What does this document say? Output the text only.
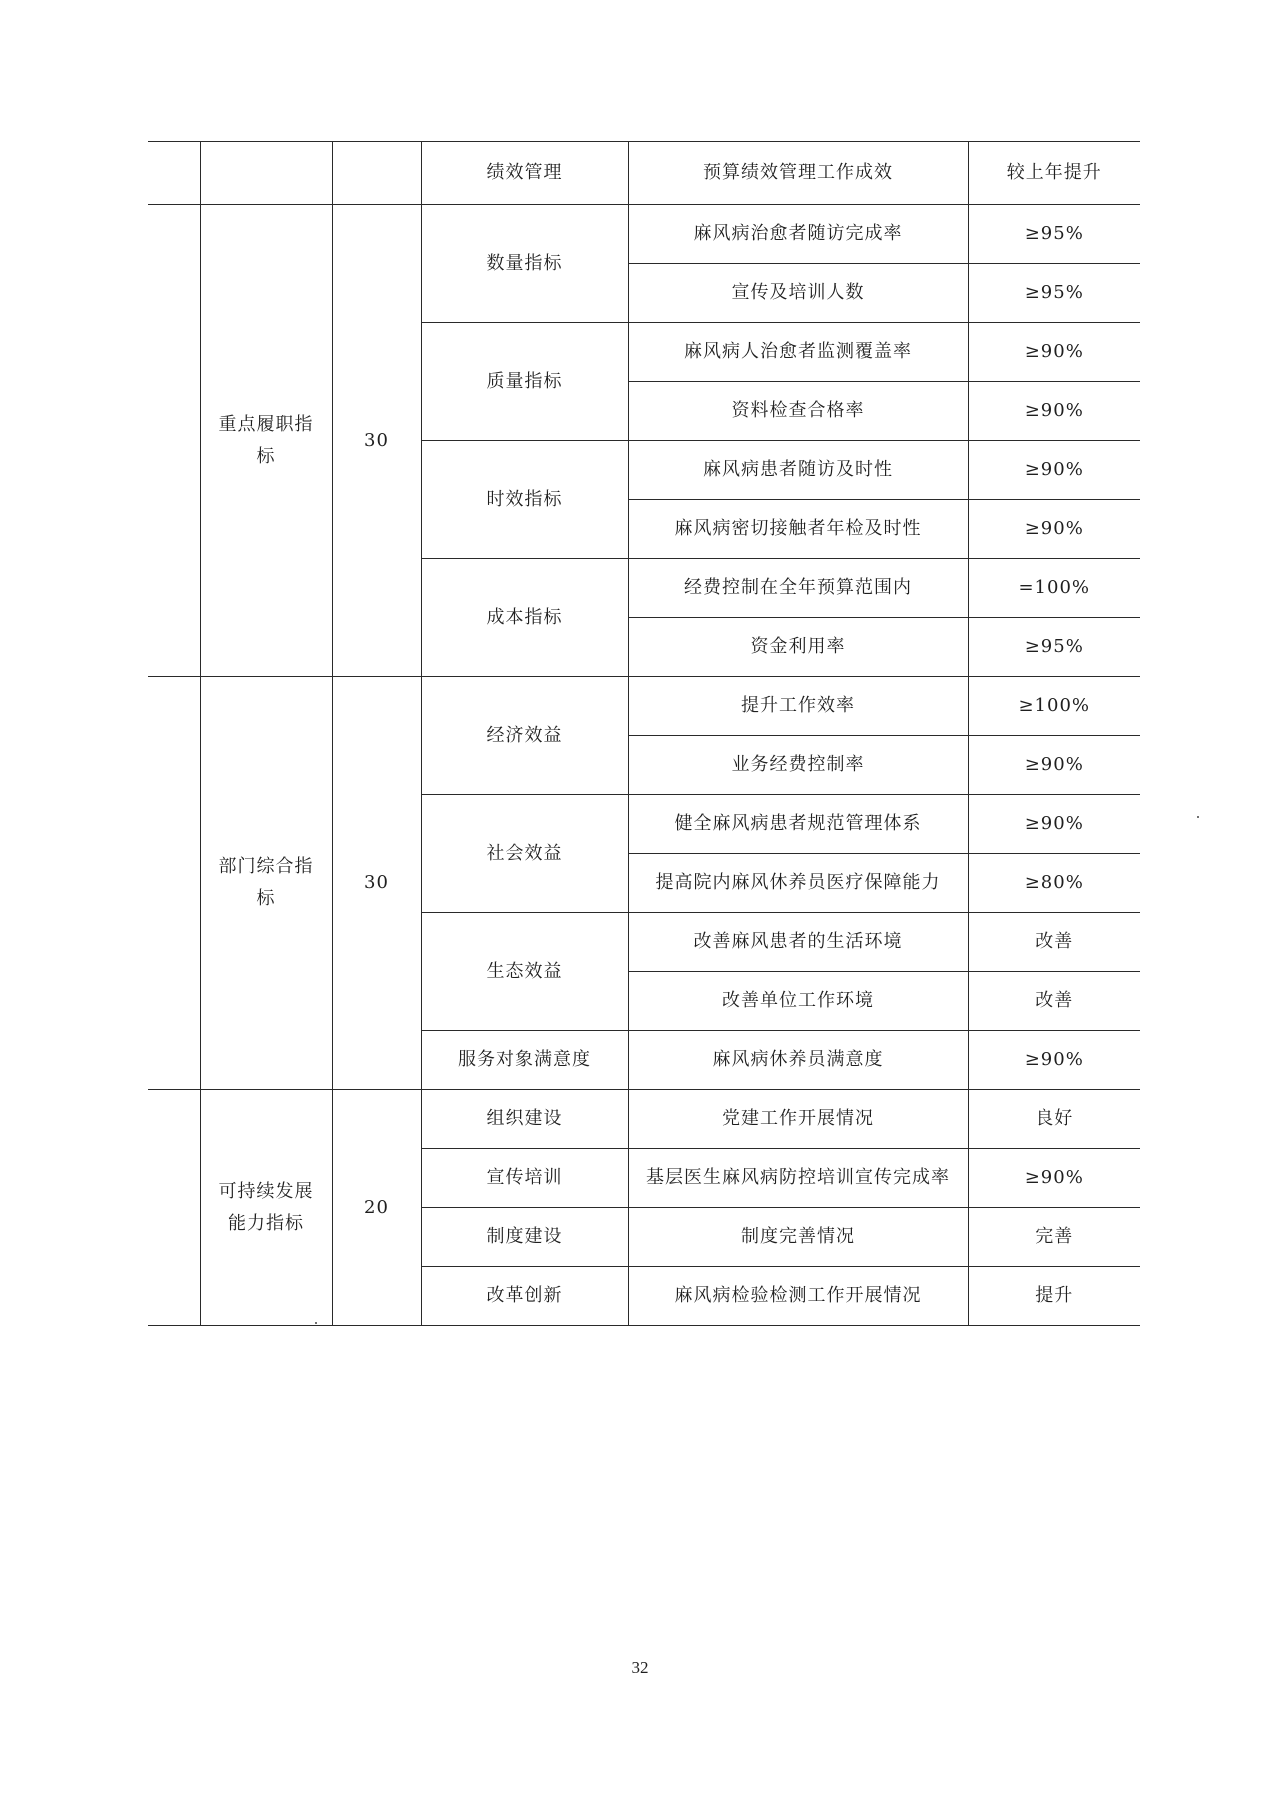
			绩效管理	预算绩效管理工作成效	较上年提升
	重点履职指标	30	数量指标	麻风病治愈者随访完成率	≥95%
				宣传及培训人数	≥95%
			质量指标	麻风病人治愈者监测覆盖率	≥90%
				资料检查合格率	≥90%
			时效指标	麻风病患者随访及时性	≥90%
				麻风病密切接触者年检及时性	≥90%
			成本指标	经费控制在全年预算范围内	=100%
				资金利用率	≥95%
	部门综合指标	30	经济效益	提升工作效率	≥100%
				业务经费控制率	≥90%
			社会效益	健全麻风病患者规范管理体系	≥90%
				提高院内麻风休养员医疗保障能力	≥80%
			生态效益	改善麻风患者的生活环境	改善
				改善单位工作环境	改善
			服务对象满意度	麻风病休养员满意度	≥90%
	可持续发展能力指标	20	组织建设	党建工作开展情况	良好
			宣传培训	基层医生麻风病防控培训宣传完成率	≥90%
			制度建设	制度完善情况	完善
			改革创新	麻风病检验检测工作开展情况	提升
32
